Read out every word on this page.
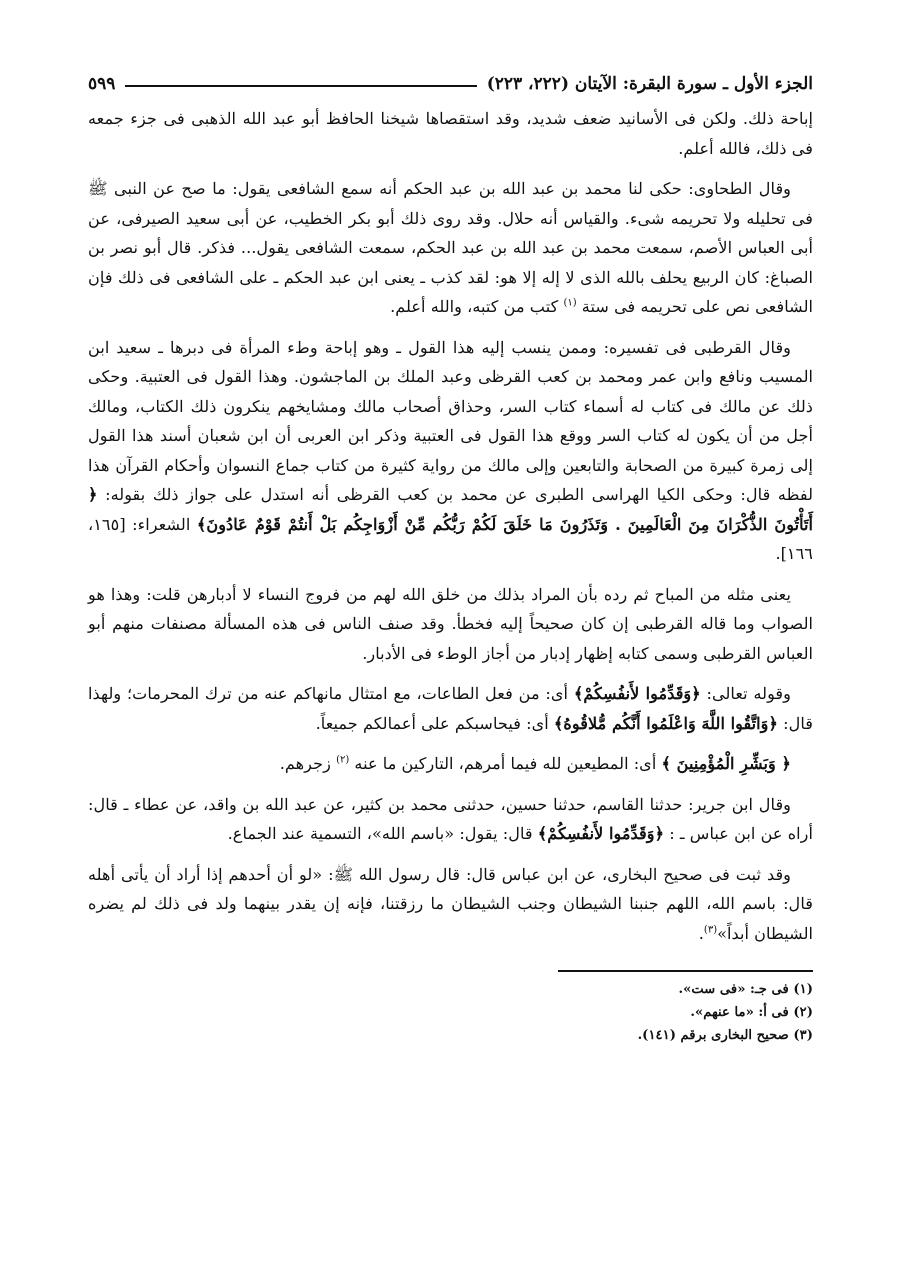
الجزء الأول ـ سورة البقرة: الآيتان (٢٢٢، ٢٢٣)
٥٩٩

إباحة ذلك. ولكن فى الأسانيد ضعف شديد، وقد استقصاها شيخنا الحافظ أبو عبد الله الذهبى فى جزء جمعه فى ذلك، فالله أعلم.

وقال الطحاوى: حكى لنا محمد بن عبد الله بن عبد الحكم أنه سمع الشافعى يقول: ما صح عن النبى ﷺ فى تحليله ولا تحريمه شىء. والقياس أنه حلال. وقد روى ذلك أبو بكر الخطيب، عن أبى سعيد الصيرفى، عن أبى العباس الأصم، سمعت محمد بن عبد الله بن عبد الحكم، سمعت الشافعى يقول... فذكر. قال أبو نصر بن الصباغ: كان الربيع يحلف بالله الذى لا إله إلا هو: لقد كذب ـ يعنى ابن عبد الحكم ـ على الشافعى فى ذلك فإن الشافعى نص على تحريمه فى ستة $^{(١)}$ كتب من كتبه، والله أعلم.

وقال القرطبى فى تفسيره: وممن ينسب إليه هذا القول ـ وهو إباحة وطء المرأة فى دبرها ـ سعيد ابن المسيب ونافع وابن عمر ومحمد بن كعب القرظى وعبد الملك بن الماجشون. وهذا القول فى العتبية. وحكى ذلك عن مالك فى كتاب له أسماء كتاب السر، وحذاق أصحاب مالك ومشايخهم ينكرون ذلك الكتاب، ومالك أجل من أن يكون له كتاب السر ووقع هذا القول فى العتبية وذكر ابن العربى أن ابن شعبان أسند هذا القول إلى زمرة كبيرة من الصحابة والتابعين وإلى مالك من رواية كثيرة من كتاب جماع النسوان وأحكام القرآن هذا لفظه قال: وحكى الكيا الهراسى الطبرى عن محمد بن كعب القرظى أنه استدل على جواز ذلك بقوله: ﴿ أَتَأْتُونَ الذُّكْرَانَ مِنَ الْعَالَمِينَ . وَتَذَرُونَ مَا خَلَقَ لَكُمْ رَبُّكُم مِّنْ أَزْوَاجِكُم بَلْ أَنتُمْ قَوْمٌ عَادُونَ﴾ الشعراء: [١٦٥، ١٦٦].

يعنى مثله من المباح ثم رده بأن المراد بذلك من خلق الله لهم من فروج النساء لا أدبارهن قلت: وهذا هو الصواب وما قاله القرطبى إن كان صحيحاً إليه فخطأ. وقد صنف الناس فى هذه المسألة مصنفات منهم أبو العباس القرطبى وسمى كتابه إظهار إدبار من أجاز الوطء فى الأدبار.

وقوله تعالى: ﴿وَقَدِّمُوا لأَنفُسِكُمْ﴾ أى: من فعل الطاعات، مع امتثال مانهاكم عنه من ترك المحرمات؛ ولهذا قال: ﴿وَاتَّقُوا اللَّهَ وَاعْلَمُوا أَنَّكُم مُّلاقُوهُ﴾ أى: فيحاسبكم على أعمالكم جميعاً.

﴿ وَبَشِّرِ الْمُؤْمِنِينَ ﴾ أى: المطيعين لله فيما أمرهم، التاركين ما عنه $^{(٢)}$ زجرهم.

وقال ابن جرير: حدثنا القاسم، حدثنا حسين، حدثنى محمد بن كثير، عن عبد الله بن واقد، عن عطاء ـ قال: أراه عن ابن عباس ـ : ﴿وَقَدِّمُوا لأَنفُسِكُمْ﴾ قال: يقول: «باسم الله»، التسمية عند الجماع.

وقد ثبت فى صحيح البخارى، عن ابن عباس قال: قال رسول الله ﷺ: «لو أن أحدهم إذا أراد أن يأتى أهله قال: باسم الله، اللهم جنبنا الشيطان وجنب الشيطان ما رزقتنا، فإنه إن يقدر بينهما ولد فى ذلك لم يضره الشيطان أبداً»$^{(٣)}$.

(١) فى جـ: «فى ست».

(٢) فى أ: «ما عنهم».

(٣) صحيح البخارى برقم (١٤١).
